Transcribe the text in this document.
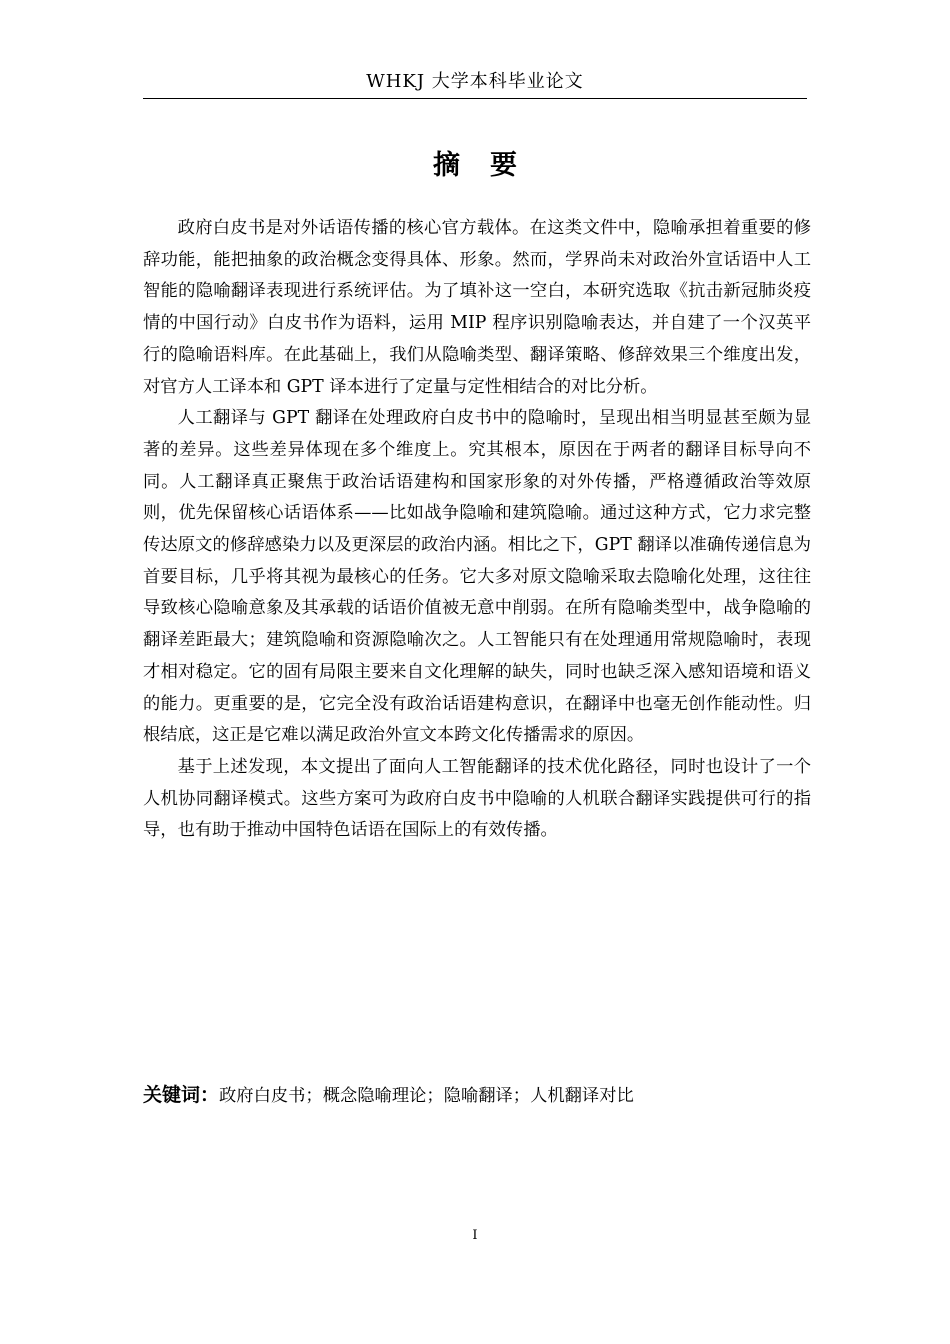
WHKJ 大学本科毕业论文
摘要

政府白皮书是对外话语传播的核心官方载体。在这类文件中，隐喻承担着重要的修辞功能，能把抽象的政治概念变得具体、形象。然而，学界尚未对政治外宣话语中人工智能的隐喻翻译表现进行系统评估。为了填补这一空白，本研究选取《抗击新冠肺炎疫情的中国行动》白皮书作为语料，运用 MIP 程序识别隐喻表达，并自建了一个汉英平行的隐喻语料库。在此基础上，我们从隐喻类型、翻译策略、修辞效果三个维度出发，对官方人工译本和 GPT 译本进行了定量与定性相结合的对比分析。

人工翻译与 GPT 翻译在处理政府白皮书中的隐喻时，呈现出相当明显甚至颇为显著的差异。这些差异体现在多个维度上。究其根本，原因在于两者的翻译目标导向不同。人工翻译真正聚焦于政治话语建构和国家形象的对外传播，严格遵循政治等效原则，优先保留核心话语体系——比如战争隐喻和建筑隐喻。通过这种方式，它力求完整传达原文的修辞感染力以及更深层的政治内涵。相比之下，GPT 翻译以准确传递信息为首要目标，几乎将其视为最核心的任务。它大多对原文隐喻采取去隐喻化处理，这往往导致核心隐喻意象及其承载的话语价值被无意中削弱。在所有隐喻类型中，战争隐喻的翻译差距最大；建筑隐喻和资源隐喻次之。人工智能只有在处理通用常规隐喻时，表现才相对稳定。它的固有局限主要来自文化理解的缺失，同时也缺乏深入感知语境和语义的能力。更重要的是，它完全没有政治话语建构意识，在翻译中也毫无创作能动性。归根结底，这正是它难以满足政治外宣文本跨文化传播需求的原因。

基于上述发现，本文提出了面向人工智能翻译的技术优化路径，同时也设计了一个人机协同翻译模式。这些方案可为政府白皮书中隐喻的人机联合翻译实践提供可行的指导，也有助于推动中国特色话语在国际上的有效传播。

关键词：政府白皮书；概念隐喻理论；隐喻翻译；人机翻译对比
I
